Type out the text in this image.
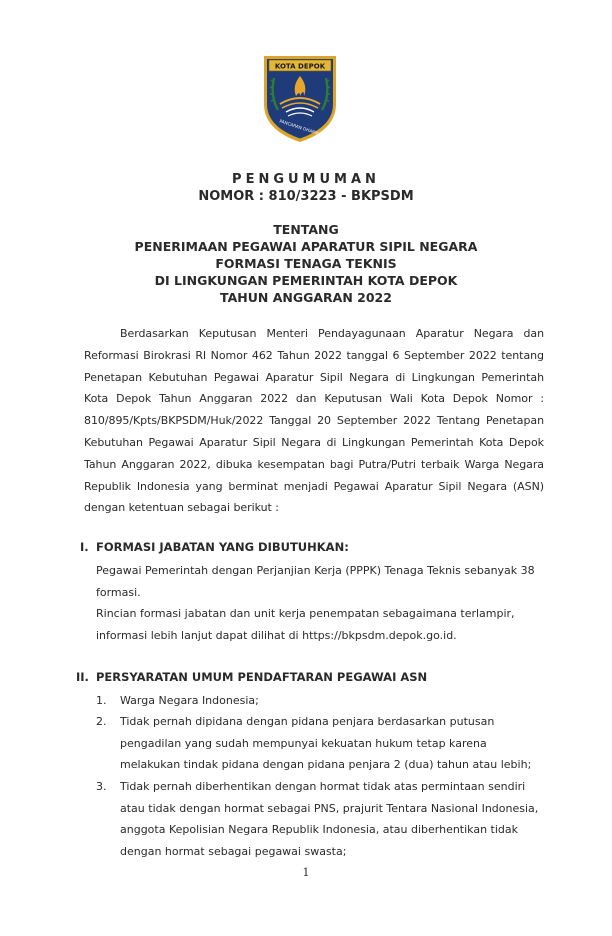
KOTA DEPOK
PANCARAN DHARMA
PENGUMUMAN
NOMOR : 810/3223 - BKPSDM
TENTANG
PENERIMAAN PEGAWAI APARATUR SIPIL NEGARA
FORMASI TENAGA TEKNIS
DI LINGKUNGAN PEMERINTAH KOTA DEPOK
TAHUN ANGGARAN 2022
Berdasarkan Keputusan Menteri Pendayagunaan Aparatur Negara dan Reformasi Birokrasi RI Nomor 462 Tahun 2022 tanggal 6 September 2022 tentang Penetapan Kebutuhan Pegawai Aparatur Sipil Negara di Lingkungan Pemerintah Kota Depok Tahun Anggaran 2022 dan Keputusan Wali Kota Depok Nomor : 810/895/Kpts/BKPSDM/Huk/2022 Tanggal 20 September 2022 Tentang Penetapan Kebutuhan Pegawai Aparatur Sipil Negara di Lingkungan Pemerintah Kota Depok Tahun Anggaran 2022, dibuka kesempatan bagi Putra/Putri terbaik Warga Negara Republik Indonesia yang berminat menjadi Pegawai Aparatur Sipil Negara (ASN) dengan ketentuan sebagai berikut :
I. FORMASI JABATAN YANG DIBUTUHKAN:
Pegawai Pemerintah dengan Perjanjian Kerja (PPPK) Tenaga Teknis sebanyak 38 formasi.
Rincian formasi jabatan dan unit kerja penempatan sebagaimana terlampir, informasi lebih lanjut dapat dilihat di https://bkpsdm.depok.go.id.
II. PERSYARATAN UMUM PENDAFTARAN PEGAWAI ASN
1. Warga Negara Indonesia;
2. Tidak pernah dipidana dengan pidana penjara berdasarkan putusan pengadilan yang sudah mempunyai kekuatan hukum tetap karena melakukan tindak pidana dengan pidana penjara 2 (dua) tahun atau lebih;
3. Tidak pernah diberhentikan dengan hormat tidak atas permintaan sendiri atau tidak dengan hormat sebagai PNS, prajurit Tentara Nasional Indonesia, anggota Kepolisian Negara Republik Indonesia, atau diberhentikan tidak dengan hormat sebagai pegawai swasta;
1
